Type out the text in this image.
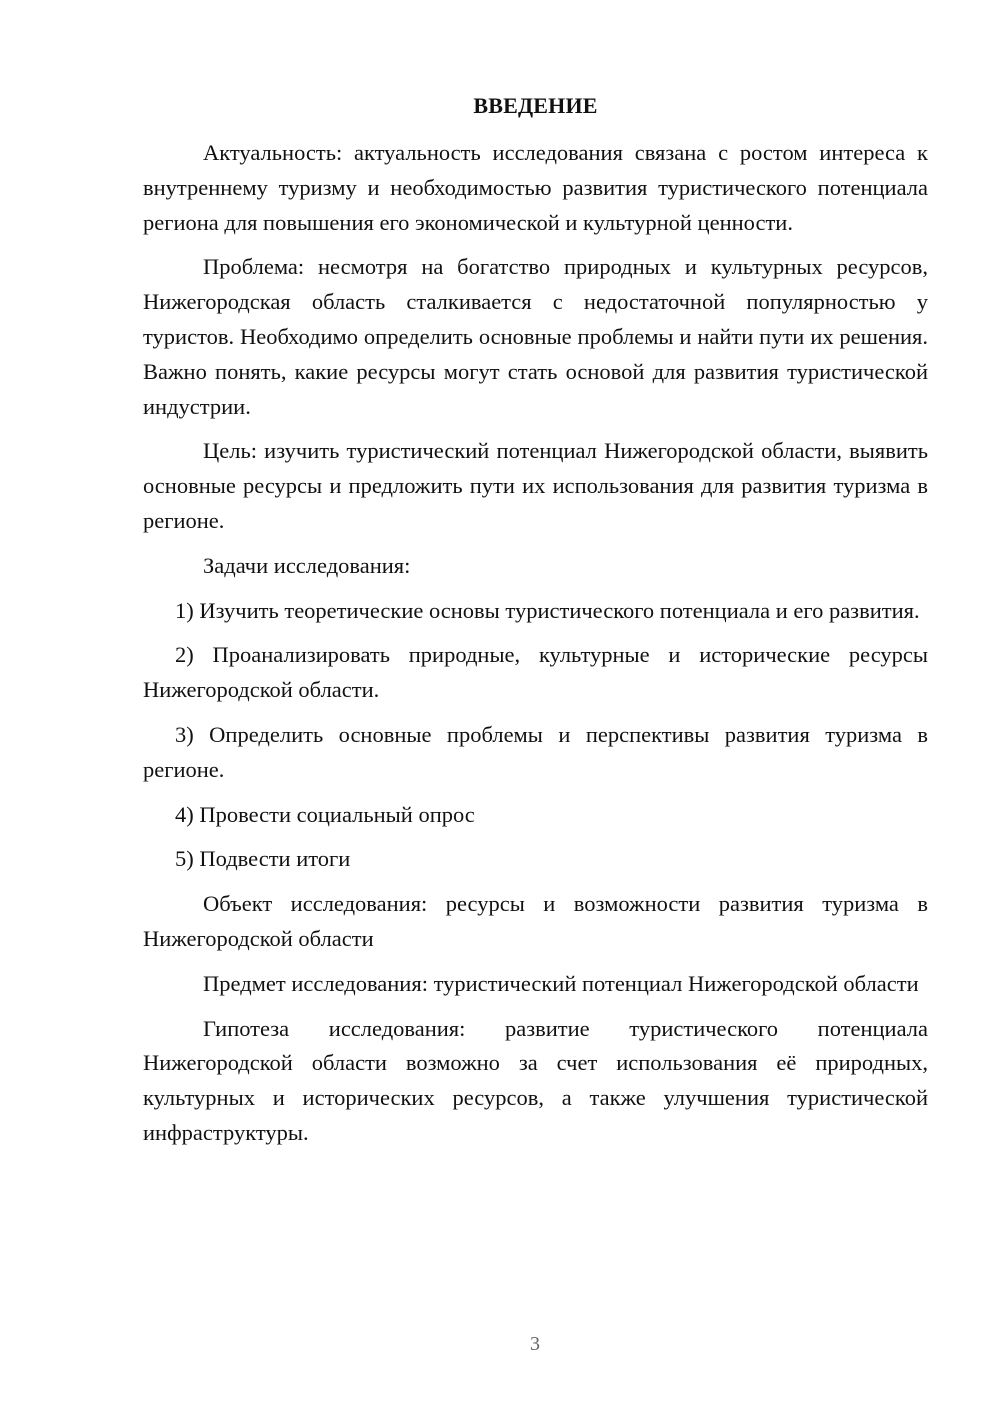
ВВЕДЕНИЕ

Актуальность: актуальность исследования связана с ростом интереса к внутреннему туризму и необходимостью развития туристического потенциала региона для повышения его экономической и культурной ценности.

Проблема: несмотря на богатство природных и культурных ресурсов, Нижегородская область сталкивается с недостаточной популярностью у туристов. Необходимо определить основные проблемы и найти пути их решения. Важно понять, какие ресурсы могут стать основой для развития туристической индустрии.

Цель: изучить туристический потенциал Нижегородской области, выявить основные ресурсы и предложить пути их использования для развития туризма в регионе.

Задачи исследования:

1) Изучить теоретические основы туристического потенциала и его развития.

2) Проанализировать природные, культурные и исторические ресурсы Нижегородской области.

3) Определить основные проблемы и перспективы развития туризма в регионе.

4) Провести социальный опрос

5) Подвести итоги

Объект исследования: ресурсы и возможности развития туризма в Нижегородской области

Предмет исследования: туристический потенциал Нижегородской области

Гипотеза исследования: развитие туристического потенциала Нижегородской области возможно за счет использования её природных, культурных и исторических ресурсов, а также улучшения туристической инфраструктуры.

3
